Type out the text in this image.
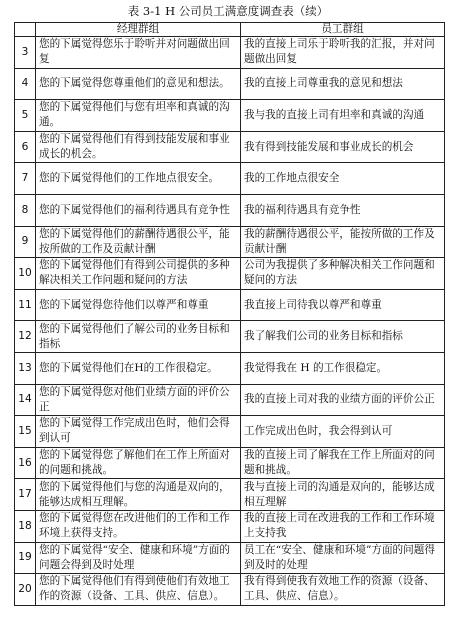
表 3-1 H 公司员工满意度调查表（续）
	经理群组	员工群组
3	您的下属觉得您乐于聆听并对问题做出回复	我的直接上司乐于聆听我的汇报，并对问题做出回复
4	您的下属觉得您尊重他们的意见和想法。	我的直接上司尊重我的意见和想法
5	您的下属觉得他们与您有坦率和真诚的沟通。	我与我的直接上司有坦率和真诚的沟通
6	您的下属觉得他们有得到技能发展和事业成长的机会。	我有得到技能发展和事业成长的机会
7	您的下属觉得他们的工作地点很安全。	我的工作地点很安全
8	您的下属觉得他们的福利待遇具有竞争性	我的福利待遇具有竞争性
9	您的下属觉得他们的薪酬待遇很公平，能按所做的工作及贡献计酬	我的薪酬待遇很公平，能按所做的工作及贡献计酬
10	您的下属觉得他们有得到公司提供的多种解决相关工作问题和疑问的方法	公司为我提供了多种解决相关工作问题和疑问的方法
11	您的下属觉得您待他们以尊严和尊重	我直接上司待我以尊严和尊重
12	您的下属觉得他们了解公司的业务目标和指标	我了解我们公司的业务目标和指标
13	您的下属觉得他们在H的工作很稳定。	我觉得我在 H 的工作很稳定。
14	您的下属觉得您对他们业绩方面的评价公正	我的直接上司对我的业绩方面的评价公正
15	您的下属觉得工作完成出色时，他们会得到认可	工作完成出色时，我会得到认可
16	您的下属觉得您了解他们在工作上所面对的问题和挑战。	我的直接上司了解我在工作上所面对的问题和挑战。
17	您的下属觉得他们与您的沟通是双向的，能够达成相互理解。	我与直接上司的沟通是双向的，能够达成相互理解
18	您的下属觉得您在改进他们的工作和工作环境上获得支持。	我的直接上司在改进我的工作和工作环境上支持我
19	您的下属觉得“安全、健康和环境”方面的问题会得到及时处理	员工在“安全、健康和环境”方面的问题得到及时的处理
20	您的下属觉得他们有得到使他们有效地工作的资源（设备、工具、供应、信息）。	我有得到使我有效地工作的资源（设备、工具、供应、信息）。
